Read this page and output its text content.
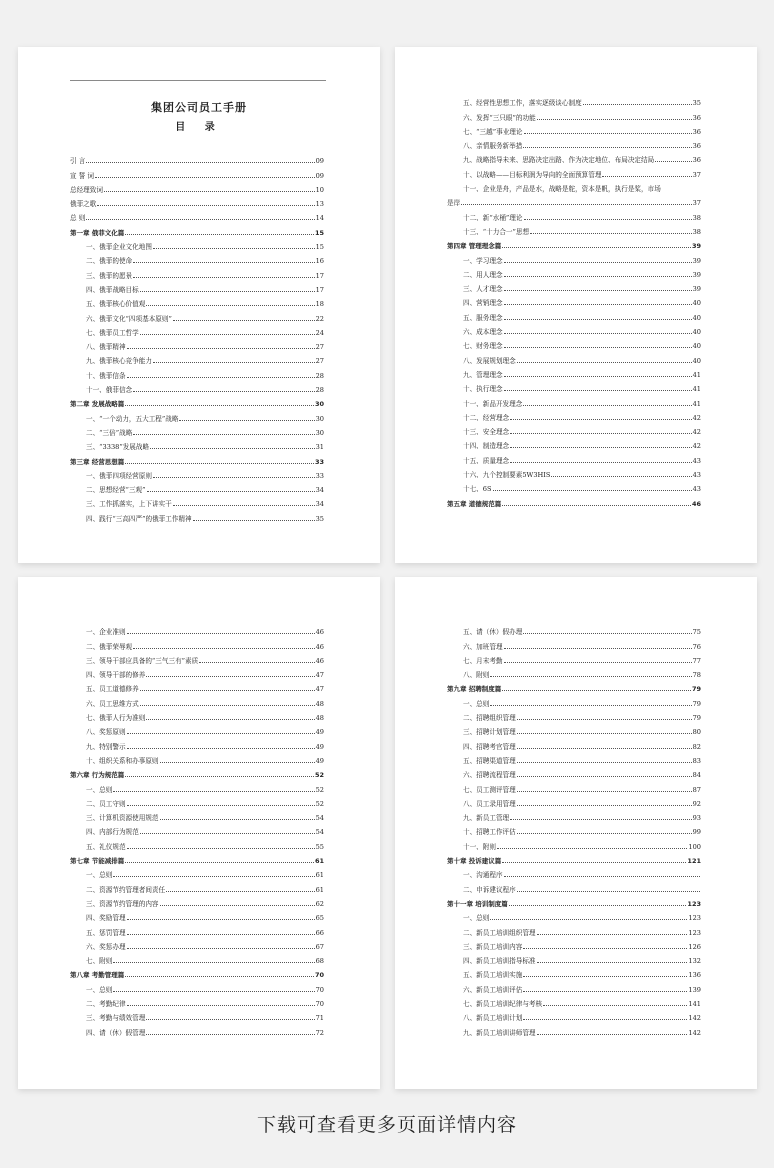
集团公司员工手册
目 录
引 言	09
宣 誓 词	09
总经理致词	10
俄菲之歌	13
总 则	14
第一章 俄菲文化篇	15
一、俄菲企业文化地图	15
二、俄菲的使命	16
三、俄菲的愿景	17
四、俄菲战略目标	17
五、俄菲核心价值观	18
六、俄菲文化“四项基本原则”	22
七、俄菲员工哲学	24
八、俄菲精神	27
九、俄菲核心竞争能力	27
十、俄菲信条	28
十一、俄菲信念	28
第二章 发展战略篇	30
一、“一个动力，五大工程”战略	30
二、“三倍”战略	30
三、“3338”发展战略	31
第三章 经营思想篇	33
一、俄菲四项经营原则	33
二、思想经营“三观”	34
三、工作抓落实，上下讲实干	34
四、践行“三高四严”的俄菲工作精神	35
五、经营性思想工作，落实逐级谈心制度	35
六、发挥“三只眼”的功能	36
七、“三越”事业理论	36
八、亲情服务新举措	36
九、战略指导未来、思路决定出路、作为决定地位、布局决定结局	36
十、以战略——目标利润为导向的全面预算管理	37
十一、企业是舟，产品是水，战略是舵，资本是帆，执行是桨，市场
是岸	37
十二、新“水桶”理论	38
十三、“十力合一”思想	38
第四章 管理理念篇	39
一、学习理念	39
二、用人理念	39
三、人才理念	39
四、营销理念	40
五、服务理念	40
六、成本理念	40
七、财务理念	40
八、发展规划理念	40
九、管理理念	41
十、执行理念	41
十一、新品开发理念	41
十二、经营理念	42
十三、安全理念	42
十四、制造理念	42
十五、质量理念	43
十六、九个控制要素5W3HIS	43
十七、6S	43
第五章 道德规范篇	46
一、企业准则	46
二、俄菲荣辱观	46
三、领导干部应具备的“三气三有”素质	46
四、领导干部的修养	47
五、员工道德修养	47
六、员工思维方式	48
七、俄菲人行为准则	48
八、奖惩原则	49
九、特别警示	49
十、组织关系和办事原则	49
第六章 行为规范篇	52
一、总则	52
二、员工守则	52
三、计算机资源使用规范	54
四、内部行为规范	54
五、礼仪规范	55
第七章 节能减排篇	61
一、总则	61
二、资源节约管理者间责任	61
三、资源节约管理的内容	62
四、奖励管理	65
五、惩罚管理	66
六、奖惩办理	67
七、附则	68
第八章 考勤管理篇	70
一、总则	70
二、考勤纪律	70
三、考勤与绩效管理	71
四、请（休）假管理	72
五、请（休）假办理	75
六、加班管理	76
七、月末考勤	77
八、附则	78
第九章 招聘制度篇	79
一、总则	79
二、招聘组织管理	79
三、招聘计划管理	80
四、招聘考官管理	82
五、招聘渠道管理	83
六、招聘流程管理	84
七、员工测评管理	87
八、员工录用管理	92
九、新员工管理	93
十、招聘工作评估	99
十一、附则	100
第十章 投诉建议篇	121
一、沟通程序
二、申诉建议程序
第十一章 培训制度篇	123
一、总则	123
二、新员工培训组织管理	123
三、新员工培训内容	126
四、新员工培训指导标准	132
五、新员工培训实施	136
六、新员工培训评估	139
七、新员工培训纪律与考核	141
八、新员工培训计划	142
九、新员工培训讲师管理	142
下载可查看更多页面详情内容
